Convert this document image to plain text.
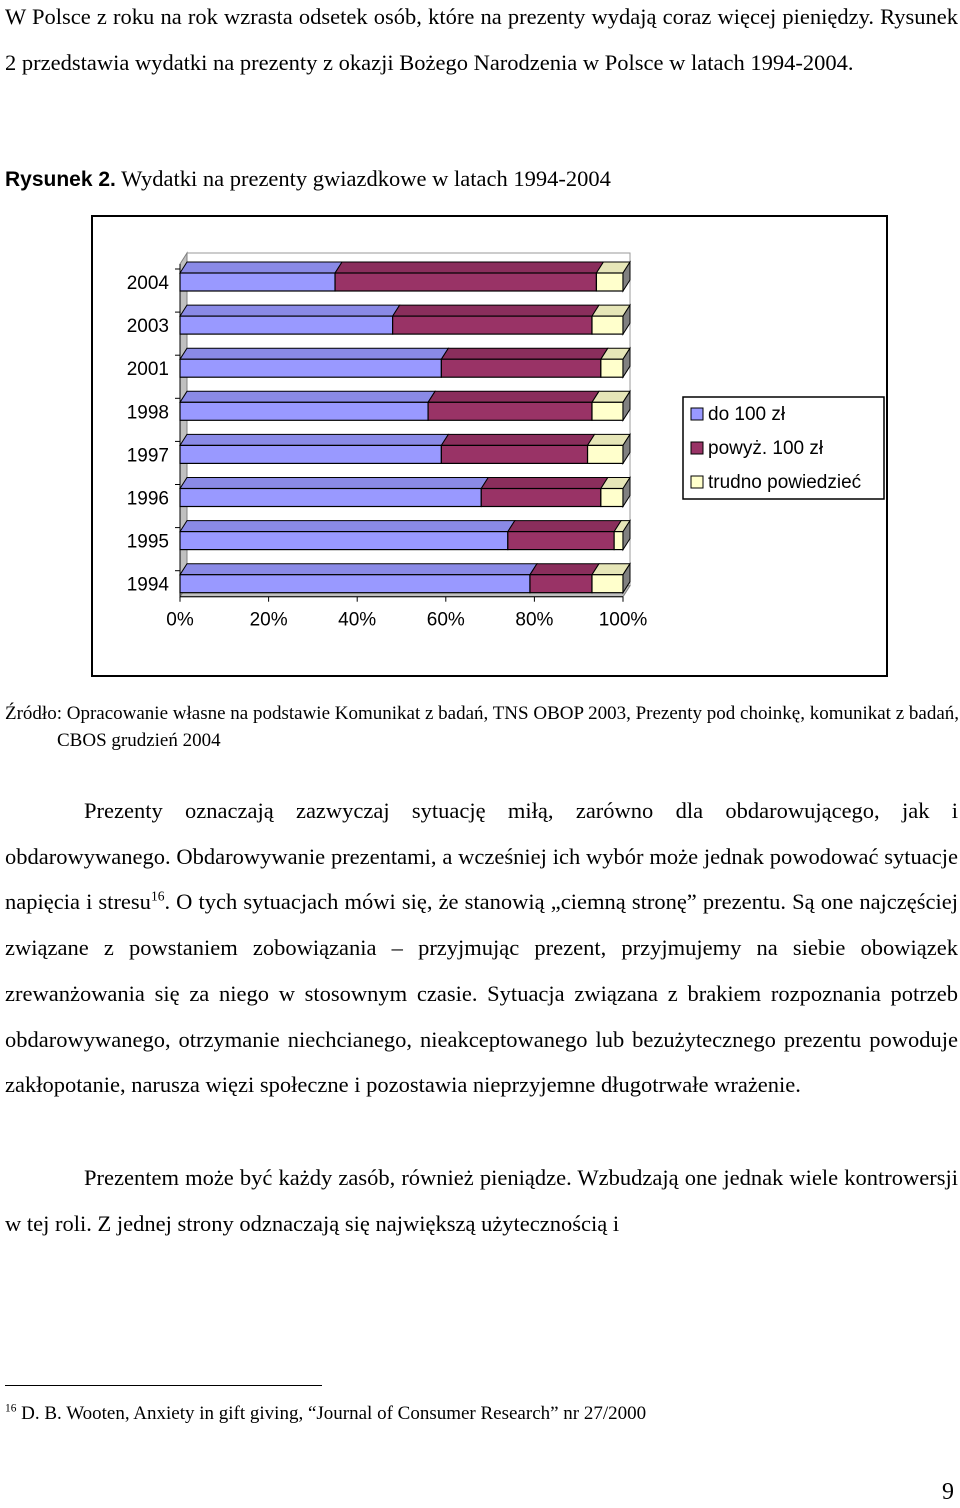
W Polsce z roku na rok wzrasta odsetek osób, które na prezenty wydają coraz więcej pieniędzy. Rysunek 2 przedstawia wydatki na prezenty z okazji Bożego Narodzenia w Polsce w latach 1994-2004.

Rysunek 2. Wydatki na prezenty gwiazdkowe w latach 1994-2004

0%	20%	40%	60%	80% 100%
2004
2003
2001
1998
1997
1996
1995
1994
do 100 zł
powyż. 100 zł
trudno powiedzieć

Źródło: Opracowanie własne na podstawie Komunikat z badań, TNS OBOP 2003, Prezenty pod choinkę, komunikat z badań, CBOS grudzień 2004

Prezenty oznaczają zazwyczaj sytuację miłą, zarówno dla obdarowującego, jak i obdarowywanego. Obdarowywanie prezentami, a wcześniej ich wybór może jednak powodować sytuacje napięcia i stresu$^{16}$. O tych sytuacjach mówi się, że stanowią „ciemną stronę” prezentu. Są one najczęściej związane z powstaniem zobowiązania – przyjmując prezent, przyjmujemy na siebie obowiązek zrewanżowania się za niego w stosownym czasie. Sytuacja związana z brakiem rozpoznania potrzeb obdarowywanego, otrzymanie niechcianego, nieakceptowanego lub bezużytecznego prezentu powoduje zakłopotanie, narusza więzi społeczne i pozostawia nieprzyjemne długotrwałe wrażenie.

Prezentem może być każdy zasób, również pieniądze. Wzbudzają one jednak wiele kontrowersji w tej roli. Z jednej strony odznaczają się największą użytecznością i

$^{16}$ D. B. Wooten, Anxiety in gift giving, “Journal of Consumer Research” nr 27/2000

9
